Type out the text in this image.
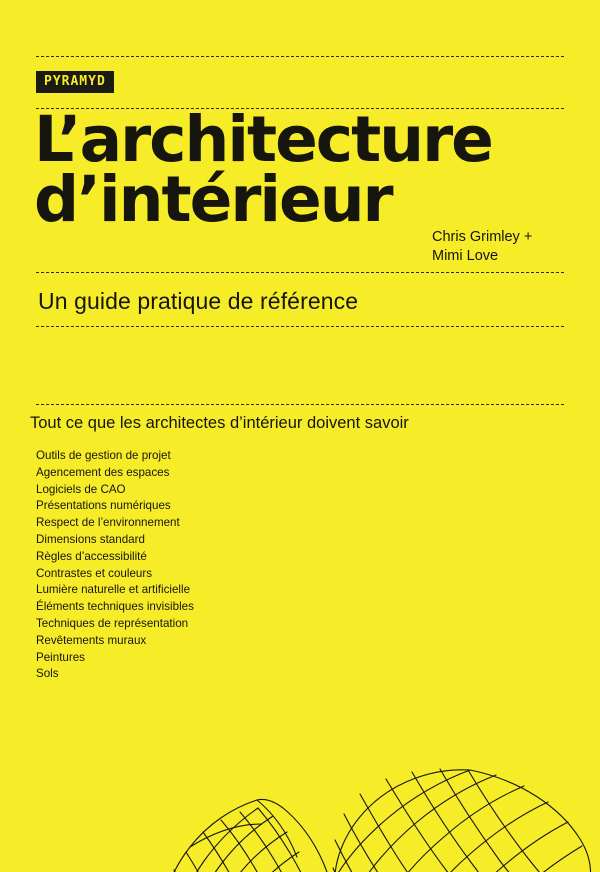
PYRAMYD
L’architecture
d’intérieur
Chris Grimley +
Mimi Love
Un guide pratique de référence
Tout ce que les architectes d’intérieur doivent savoir
Outils de gestion de projet
Agencement des espaces
Logiciels de CAO
Présentations numériques
Respect de l’environnement
Dimensions standard
Règles d’accessibilité
Contrastes et couleurs
Lumière naturelle et artificielle
Éléments techniques invisibles
Techniques de représentation
Revêtements muraux
Peintures
Sols
